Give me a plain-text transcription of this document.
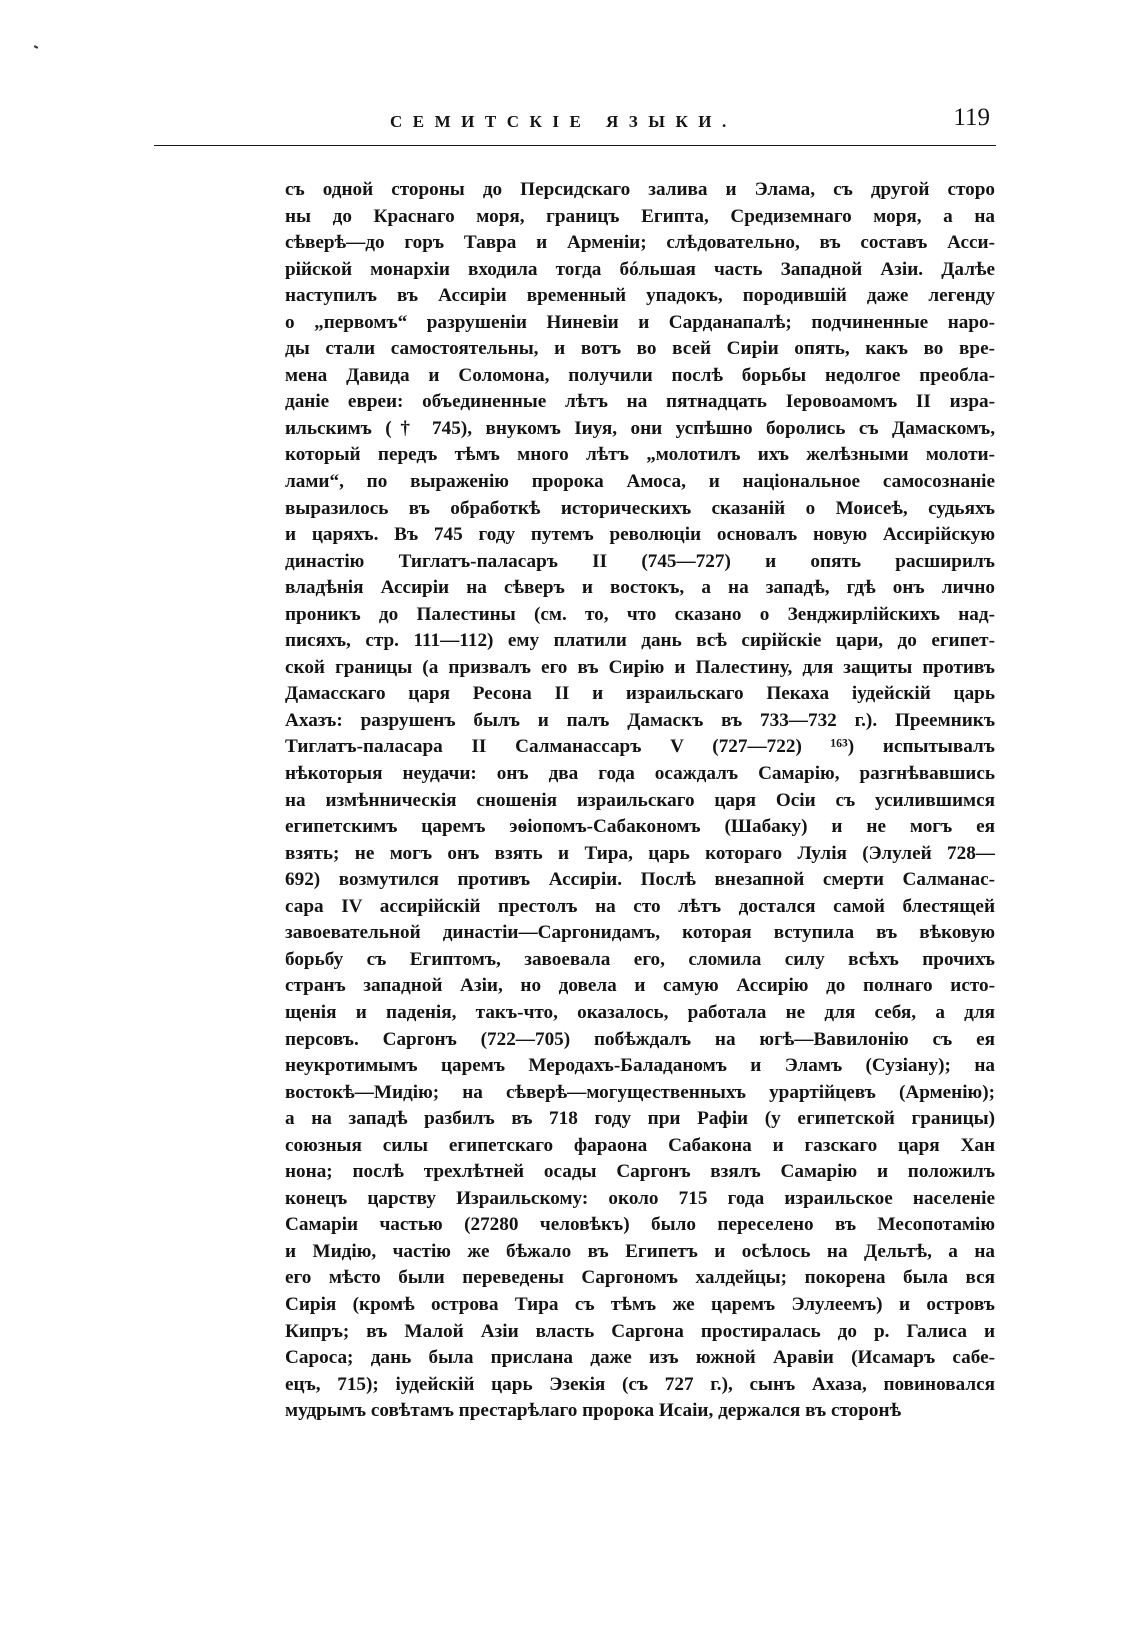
СЕМИТСКІЕ ЯЗЫКИ.	119
съ одной стороны до Персидскаго залива и Элама, съ другой сторо
ны до Краснаго моря, границъ Египта, Средиземнаго моря, а на
сѣверѣ—до горъ Тавра и Арменіи; слѣдовательно, въ составъ Асси-
рійской монархіи входила тогда бóльшая часть Западной Азіи. Далѣе
наступилъ въ Ассиріи временный упадокъ, породившій даже легенду
о „первомъ“ разрушеніи Ниневіи и Сарданапалѣ; подчиненные наро-
ды стали самостоятельны, и вотъ во всей Сиріи опять, какъ во вре-
мена Давида и Соломона, получили послѣ борьбы недолгое преобла-
даніе евреи: объединенные лѣтъ на пятнадцать Іеровоамомъ II изра-
ильскимъ († 745), внукомъ Іиуя, они успѣшно боролись съ Дамаскомъ,
который передъ тѣмъ много лѣтъ „молотилъ ихъ желѣзными молоти-
лами“, по выраженію пророка Амоса, и національное самосознаніе
выразилось въ обработкѣ историческихъ сказаній о Моисеѣ, судьяхъ
и царяхъ. Въ 745 году путемъ революціи основалъ новую Ассирійскую
династію Тиглатъ-паласаръ II (745—727) и опять расширилъ
владѣнія Ассиріи на сѣверъ и востокъ, а на западѣ, гдѣ онъ лично
проникъ до Палестины (см. то, что сказано о Зенджирлійскихъ над-
писяхъ, стр. 111—112) ему платили дань всѣ сирійскіе цари, до египет-
ской границы (а призвалъ его въ Сирію и Палестину, для защиты противъ
Дамасскаго царя Ресона II и израильскаго Пекаха іудейскій царь
Ахазъ: разрушенъ былъ и палъ Дамаскъ въ 733—732 г.). Преемникъ
Тиглатъ-паласара II Салманассаръ V (727—722) ¹⁶³) испытывалъ
нѣкоторыя неудачи: онъ два года осаждалъ Самарію, разгнѣвавшись
на измѣнническія сношенія израильскаго царя Осіи съ усилившимся
египетскимъ царемъ эѳіопомъ-Сабакономъ (Шабаку) и не могъ ея
взять; не могъ онъ взять и Тира, царь котораго Лулія (Элулей 728—
692) возмутился противъ Ассиріи. Послѣ внезапной смерти Салманас-
сара IV ассирійскій престолъ на сто лѣтъ достался самой блестящей
завоевательной династіи—Саргонидамъ, которая вступила въ вѣковую
борьбу съ Египтомъ, завоевала его, сломила силу всѣхъ прочихъ
странъ западной Азіи, но довела и самую Ассирію до полнаго исто-
щенія и паденія, такъ-что, оказалось, работала не для себя, а для
персовъ. Саргонъ (722—705) побѣждалъ на югѣ—Вавилонію съ ея
неукротимымъ царемъ Меродахъ-Баладаномъ и Эламъ (Сузіану); на
востокѣ—Мидію; на сѣверѣ—могущественныхъ урартійцевъ (Арменію);
а на западѣ разбилъ въ 718 году при Рафіи (у египетской границы)
союзныя силы египетскаго фараона Сабакона и газскаго царя Хан
нона; послѣ трехлѣтней осады Саргонъ взялъ Самарію и положилъ
конецъ царству Израильскому: около 715 года израильское населеніе
Самаріи частью (27280 человѣкъ) было переселено въ Месопотамію
и Мидію, частію же бѣжало въ Египетъ и осѣлось на Дельтѣ, а на
его мѣсто были переведены Саргономъ халдейцы; покорена была вся
Сирія (кромѣ острова Тира съ тѣмъ же царемъ Элулеемъ) и островъ
Кипръ; въ Малой Азіи власть Саргона простиралась до р. Галиса и
Сароса; дань была прислана даже изъ южной Аравіи (Исамаръ сабе-
ецъ, 715); іудейскій царь Эзекія (съ 727 г.), сынъ Ахаза, повиновался
мудрымъ совѣтамъ престарѣлаго пророка Исаіи, держался въ сторонѣ
